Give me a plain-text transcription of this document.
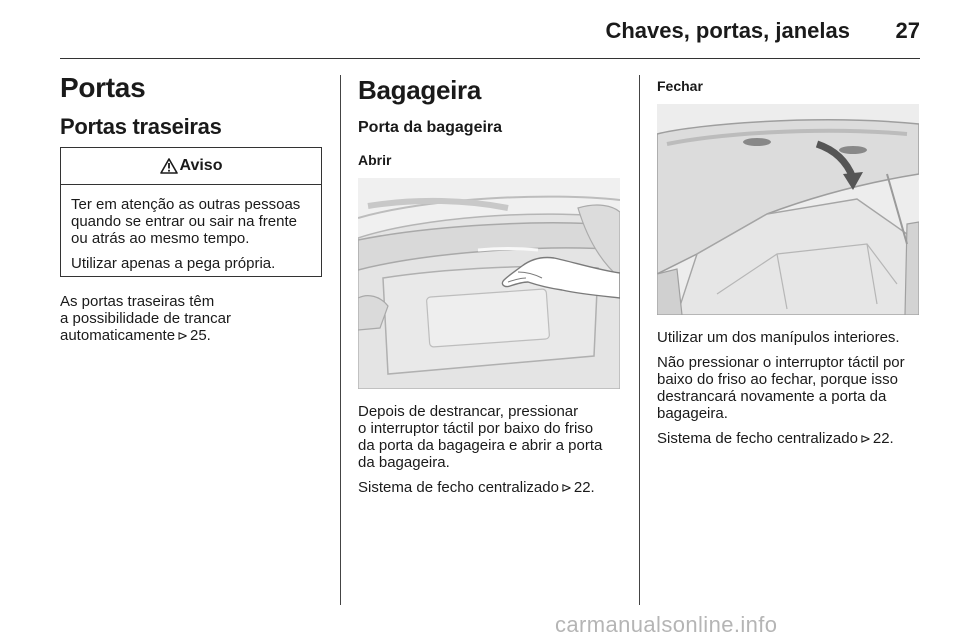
Chaves, portas, janelas	27
Portas
Portas traseiras
Aviso

Ter em atenção as outras pessoas quando se entrar ou sair na frente ou atrás ao mesmo tempo.

Utilizar apenas a pega própria.

As portas traseiras têm
a possibilidade de trancar
automaticamente ⊳ 25.
Bagageira
Porta da bagageira
Abrir
Depois de destrancar, pressionar
o interruptor táctil por baixo do friso
da porta da bagageira e abrir a porta
da bagageira.
Sistema de fecho centralizado ⊳ 22.
Fechar

Utilizar um dos manípulos interiores.

Não pressionar o interruptor táctil por
baixo do friso ao fechar, porque isso
destrancará novamente a porta da
bagageira.
Sistema de fecho centralizado ⊳ 22.
carmanualsonline.info
